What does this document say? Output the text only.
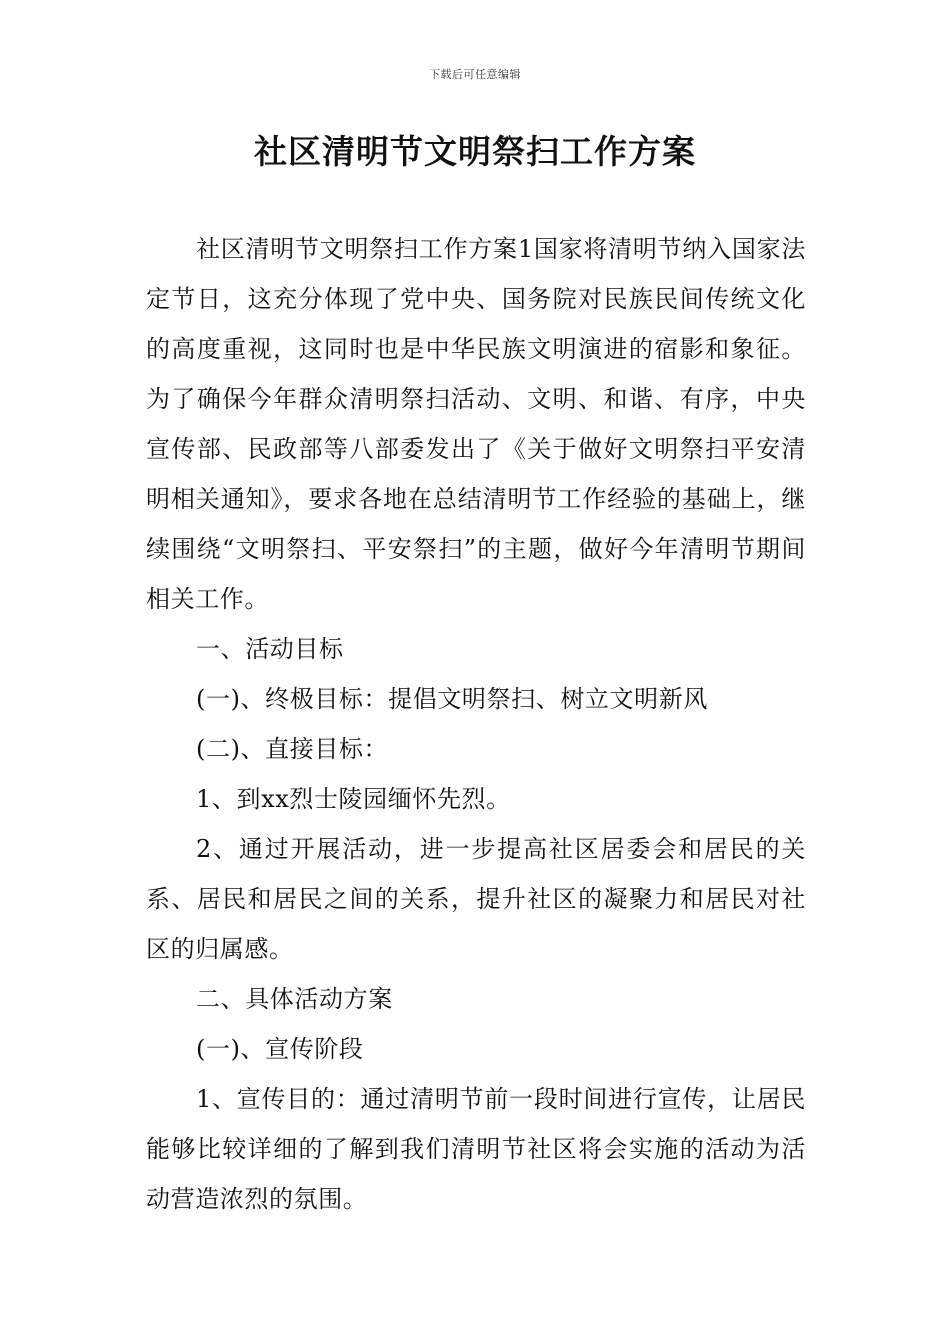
下载后可任意编辑
社区清明节文明祭扫工作方案

社区清明节文明祭扫工作方案1国家将清明节纳入国家法定节日，这充分体现了党中央、国务院对民族民间传统文化的高度重视，这同时也是中华民族文明演进的宿影和象征。为了确保今年群众清明祭扫活动、文明、和谐、有序，中央宣传部、民政部等八部委发出了《关于做好文明祭扫平安清明相关通知》，要求各地在总结清明节工作经验的基础上，继续围绕“文明祭扫、平安祭扫”的主题，做好今年清明节期间相关工作。

一、活动目标

(一)、终极目标：提倡文明祭扫、树立文明新风

(二)、直接目标：

1、到xx烈士陵园缅怀先烈。

2、通过开展活动，进一步提高社区居委会和居民的关系、居民和居民之间的关系，提升社区的凝聚力和居民对社区的归属感。

二、具体活动方案

(一)、宣传阶段

1、宣传目的：通过清明节前一段时间进行宣传，让居民能够比较详细的了解到我们清明节社区将会实施的活动为活动营造浓烈的氛围。
